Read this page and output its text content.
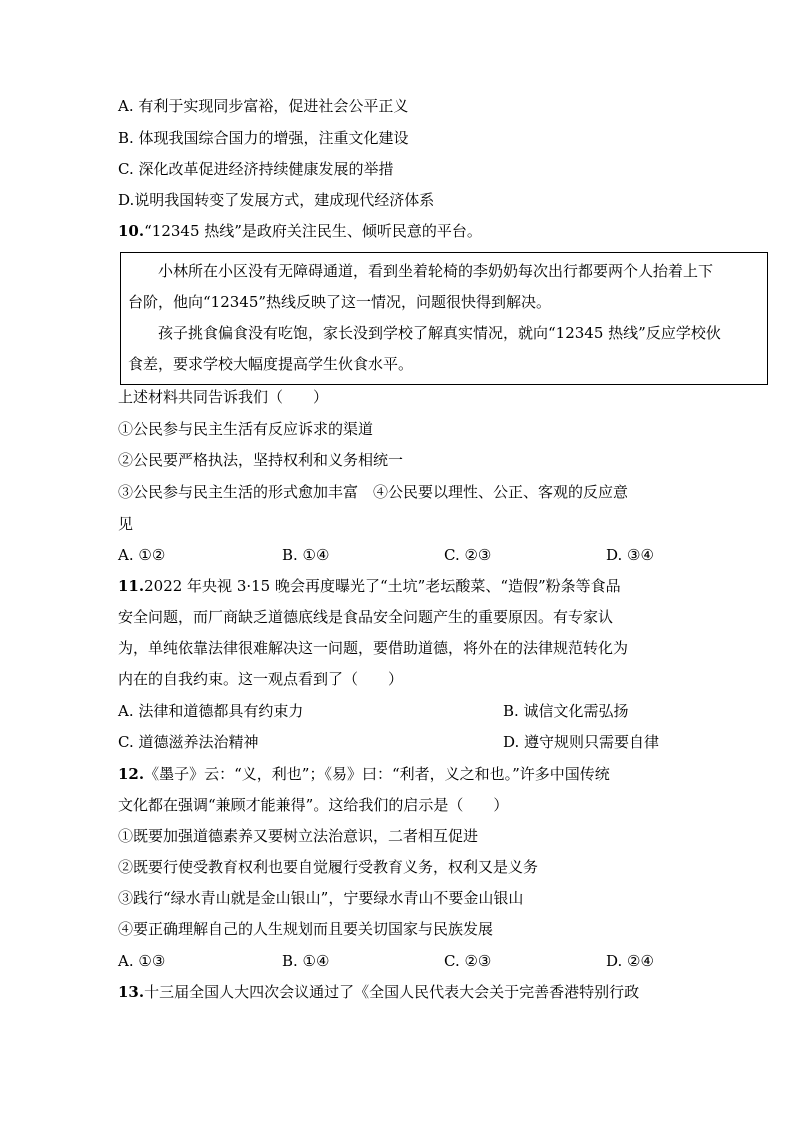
A. 有利于实现同步富裕，促进社会公平正义
B. 体现我国综合国力的增强，注重文化建设
C. 深化改革促进经济持续健康发展的举措
D.说明我国转变了发展方式，建成现代经济体系
10.“12345 热线”是政府关注民生、倾听民意的平台。
小林所在小区没有无障碍通道，看到坐着轮椅的李奶奶每次出行都要两个人抬着上下
台阶，他向“12345”热线反映了这一情况，问题很快得到解决。
孩子挑食偏食没有吃饱，家长没到学校了解真实情况，就向“12345 热线”反应学校伙
食差，要求学校大幅度提高学生伙食水平。
上述材料共同告诉我们（　　）
①公民参与民主生活有反应诉求的渠道
②公民要严格执法，坚持权利和义务相统一
③公民参与民主生活的形式愈加丰富　④公民要以理性、公正、客观的反应意
见
A. ①②	B. ①④	C. ②③	D. ③④
11.2022 年央视 3·15 晚会再度曝光了“土坑”老坛酸菜、“造假”粉条等食品
安全问题，而厂商缺乏道德底线是食品安全问题产生的重要原因。有专家认
为，单纯依靠法律很难解决这一问题，要借助道德，将外在的法律规范转化为
内在的自我约束。这一观点看到了（　　）
A. 法律和道德都具有约束力	B. 诚信文化需弘扬
C. 道德滋养法治精神	D. 遵守规则只需要自律
12.《墨子》云：“义，利也”；《易》曰：“利者，义之和也。”许多中国传统
文化都在强调“兼顾才能兼得”。这给我们的启示是（　　）
①既要加强道德素养又要树立法治意识，二者相互促进
②既要行使受教育权利也要自觉履行受教育义务，权利又是义务
③践行“绿水青山就是金山银山”，宁要绿水青山不要金山银山
④要正确理解自己的人生规划而且要关切国家与民族发展
A. ①③	B. ①④	C. ②③	D. ②④
13.十三届全国人大四次会议通过了《全国人民代表大会关于完善香港特别行政
